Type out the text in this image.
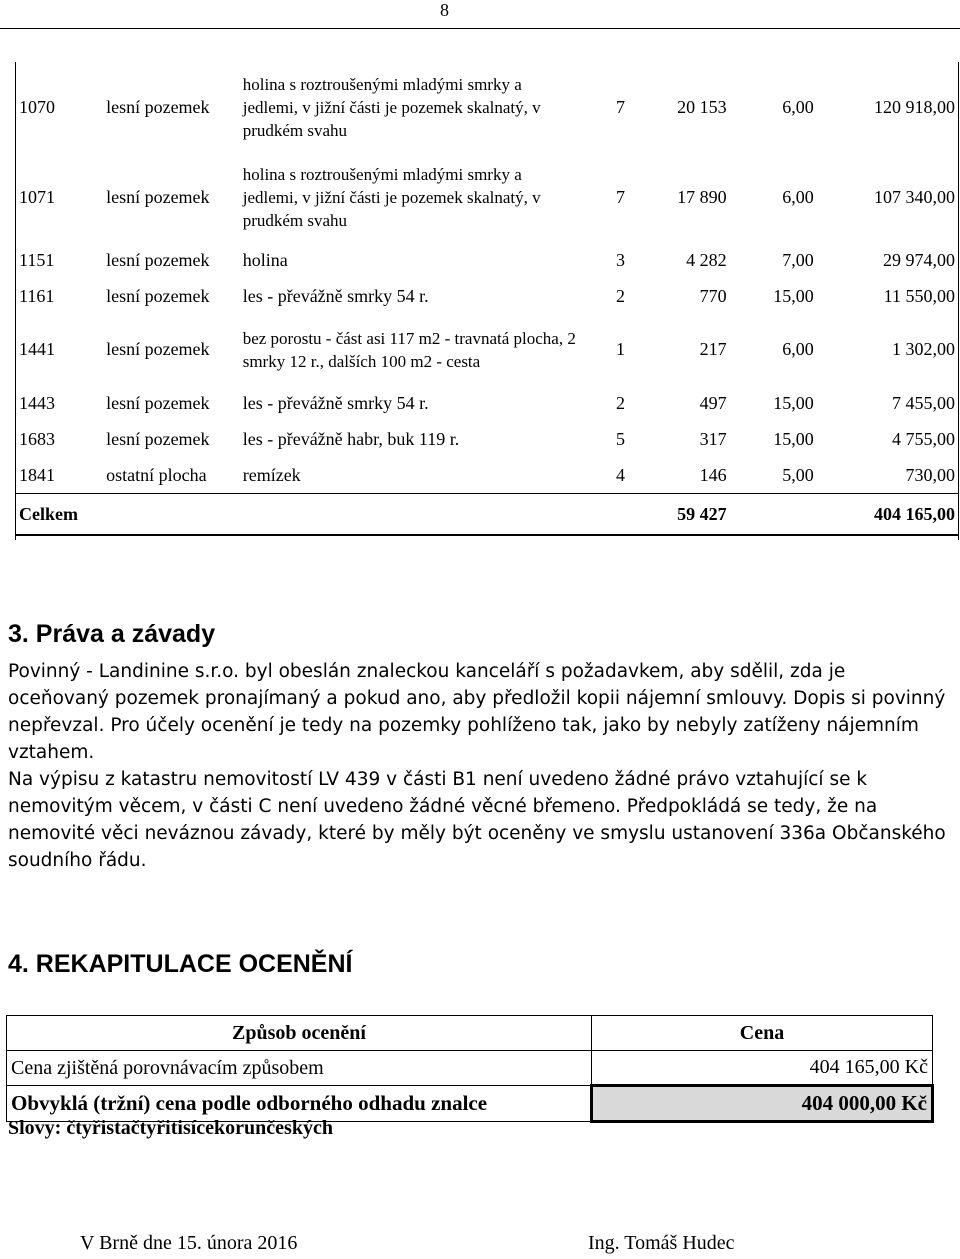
8
1070	lesní pozemek	holina s roztroušenými mladými smrky a jedlemi, v jižní části je pozemek skalnatý, v prudkém svahu	7	20 153	6,00	120 918,00
1071	lesní pozemek	holina s roztroušenými mladými smrky a jedlemi, v jižní části je pozemek skalnatý, v prudkém svahu	7	17 890	6,00	107 340,00
1151	lesní pozemek	holina	3	4 282	7,00	29 974,00
1161	lesní pozemek	les - převážně smrky 54 r.	2	770	15,00	11 550,00
1441	lesní pozemek	bez porostu - část asi 117 m2 - travnatá plocha, 2 smrky 12 r., dalších 100 m2 - cesta	1	217	6,00	1 302,00
1443	lesní pozemek	les - převážně smrky 54 r.	2	497	15,00	7 455,00
1683	lesní pozemek	les - převážně habr, buk 119 r.	5	317	15,00	4 755,00
1841	ostatní plocha	remízek	4	146	5,00	730,00
Celkem				59 427		404 165,00
3. Práva a závady
Povinný - Landinine s.r.o. byl obeslán znaleckou kanceláří s požadavkem, aby sdělil, zda je oceňovaný pozemek pronajímaný a pokud ano, aby předložil kopii nájemní smlouvy. Dopis si povinný nepřevzal. Pro účely ocenění je tedy na pozemky pohlíženo tak, jako by nebyly zatíženy nájemním vztahem.
Na výpisu z katastru nemovitostí LV 439 v části B1 není uvedeno žádné právo vztahující se k nemovitým věcem, v části C není uvedeno žádné věcné břemeno. Předpokládá se tedy, že na nemovité věci neváznou závady, které by měly být oceněny ve smyslu ustanovení 336a Občanského soudního řádu.
4. REKAPITULACE OCENĚNÍ
Způsob ocenění	Cena
Cena zjištěná porovnávacím způsobem	404 165,00 Kč
Obvyklá (tržní) cena podle odborného odhadu znalce	404 000,00 Kč
Slovy: čtyřistačtyřitisícekorunčeských
V Brně dne 15. února 2016	Ing. Tomáš Hudec
